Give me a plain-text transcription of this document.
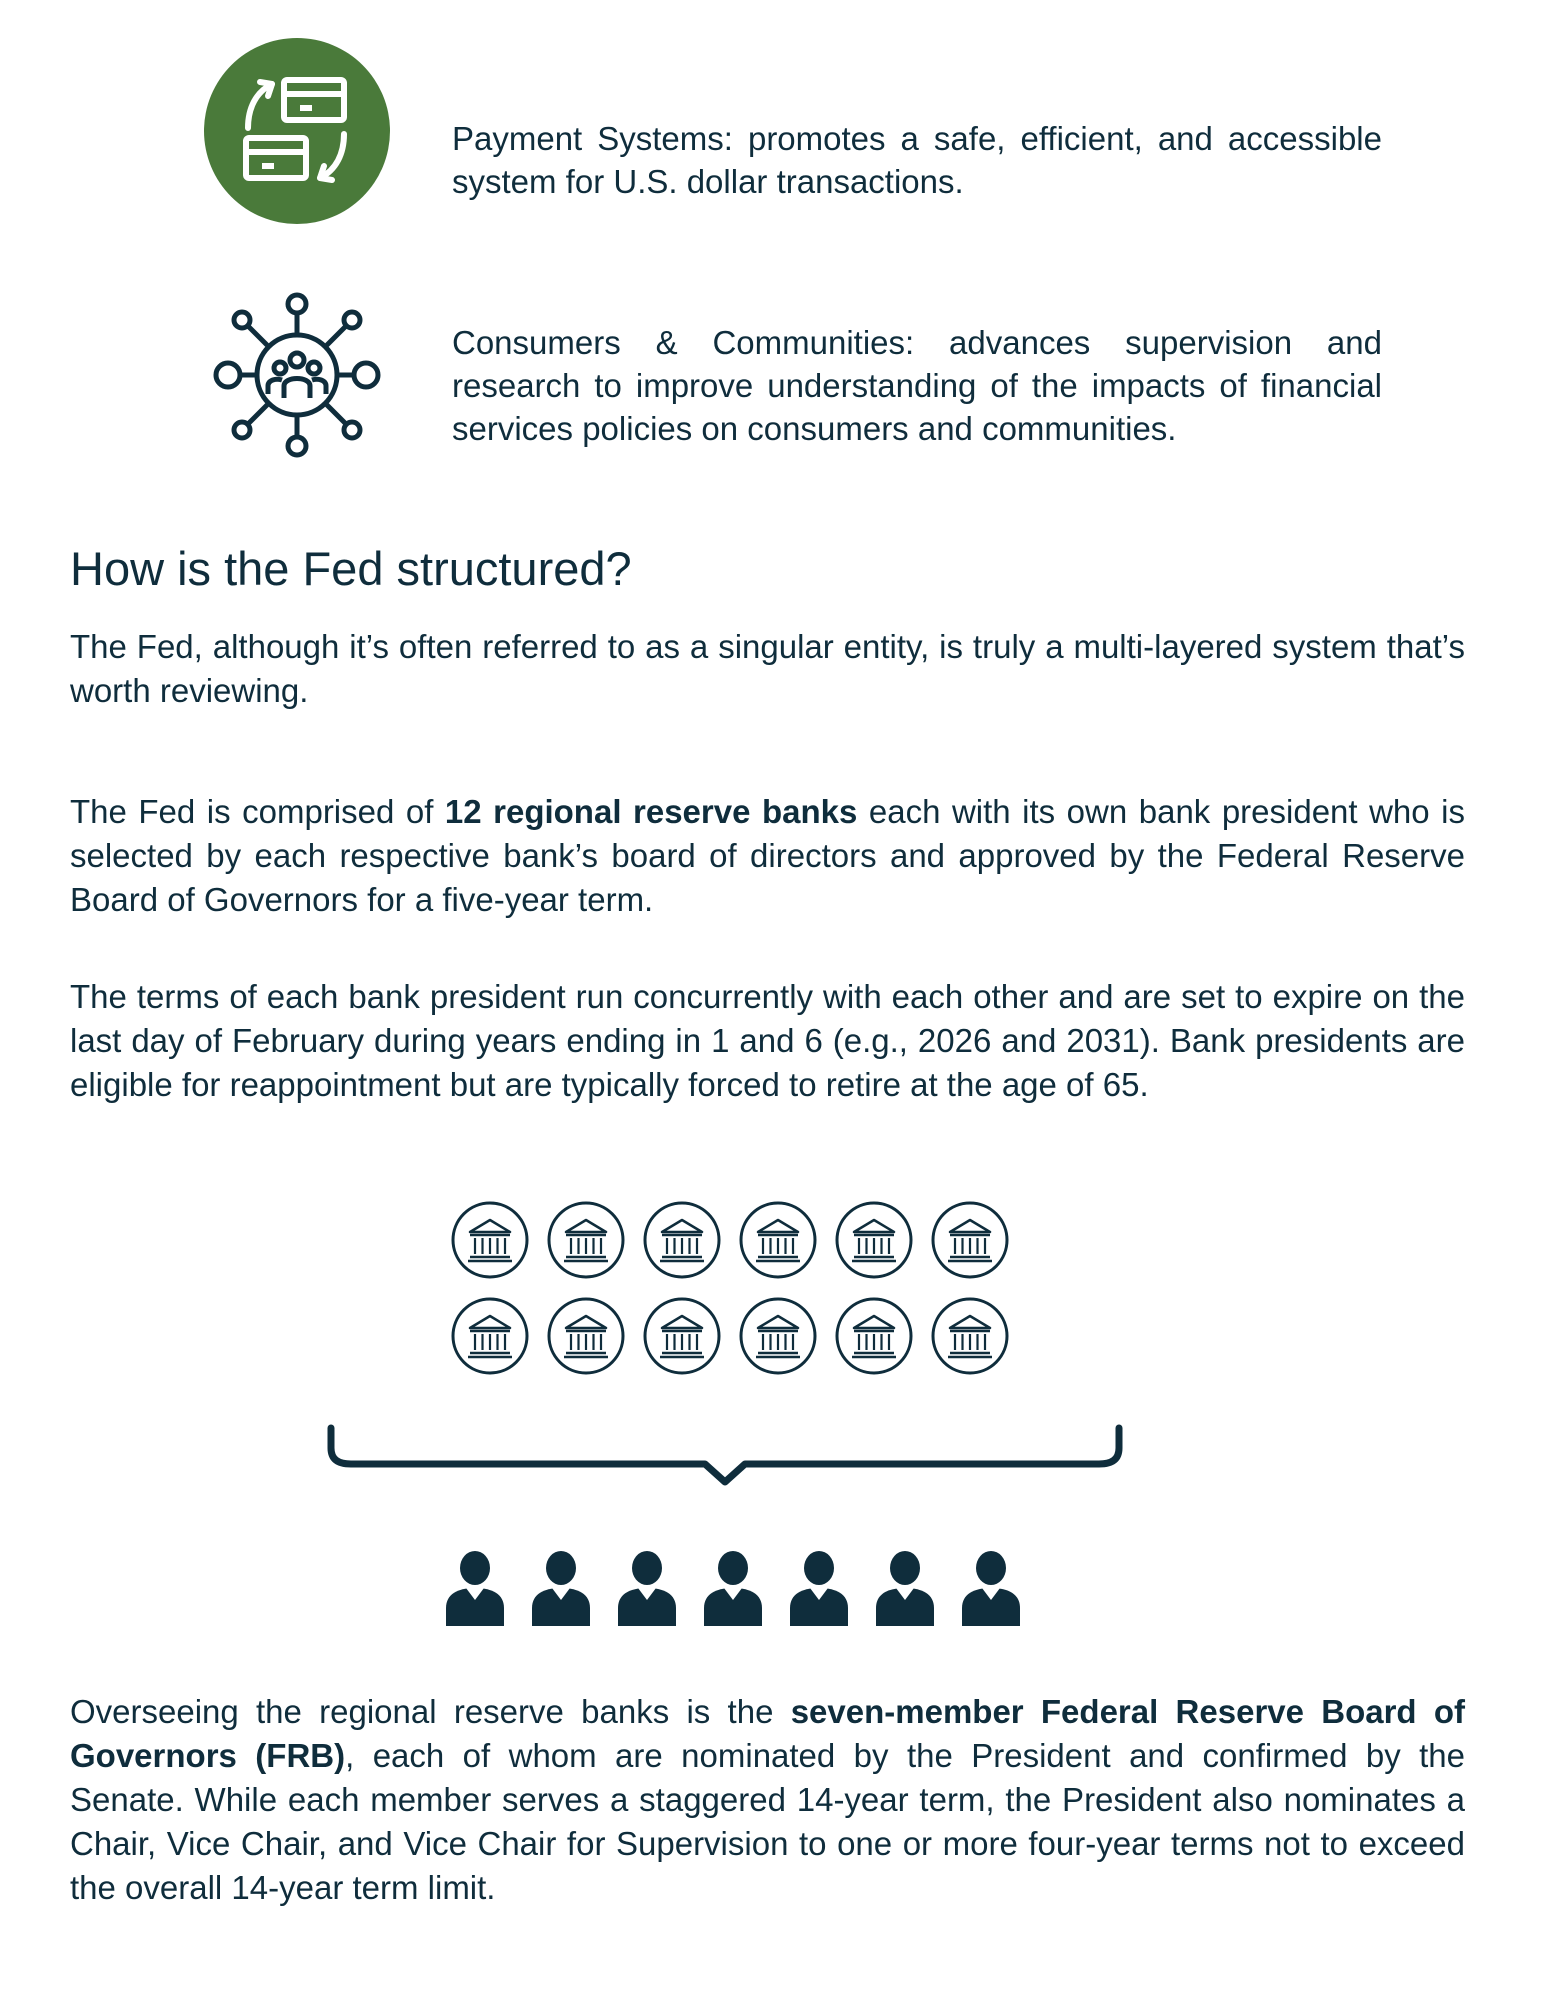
Payment Systems: promotes a safe, efficient, and accessible system for U.S. dollar transactions.

Consumers & Communities: advances supervision and research to improve understanding of the impacts of financial services policies on consumers and communities.

How is the Fed structured?

The Fed, although it’s often referred to as a singular entity, is truly a multi-layered system that’s worth reviewing.

The Fed is comprised of 12 regional reserve banks each with its own bank president who is selected by each respective bank’s board of directors and approved by the Federal Reserve Board of Governors for a five-year term.

The terms of each bank president run concurrently with each other and are set to expire on the last day of February during years ending in 1 and 6 (e.g., 2026 and 2031). Bank presidents are eligible for reappointment but are typically forced to retire at the age of 65.

Overseeing the regional reserve banks is the seven-member Federal Reserve Board of Governors (FRB), each of whom are nominated by the President and confirmed by the Senate. While each member serves a staggered 14-year term, the President also nominates a Chair, Vice Chair, and Vice Chair for Supervision to one or more four-year terms not to exceed the overall 14-year term limit.
